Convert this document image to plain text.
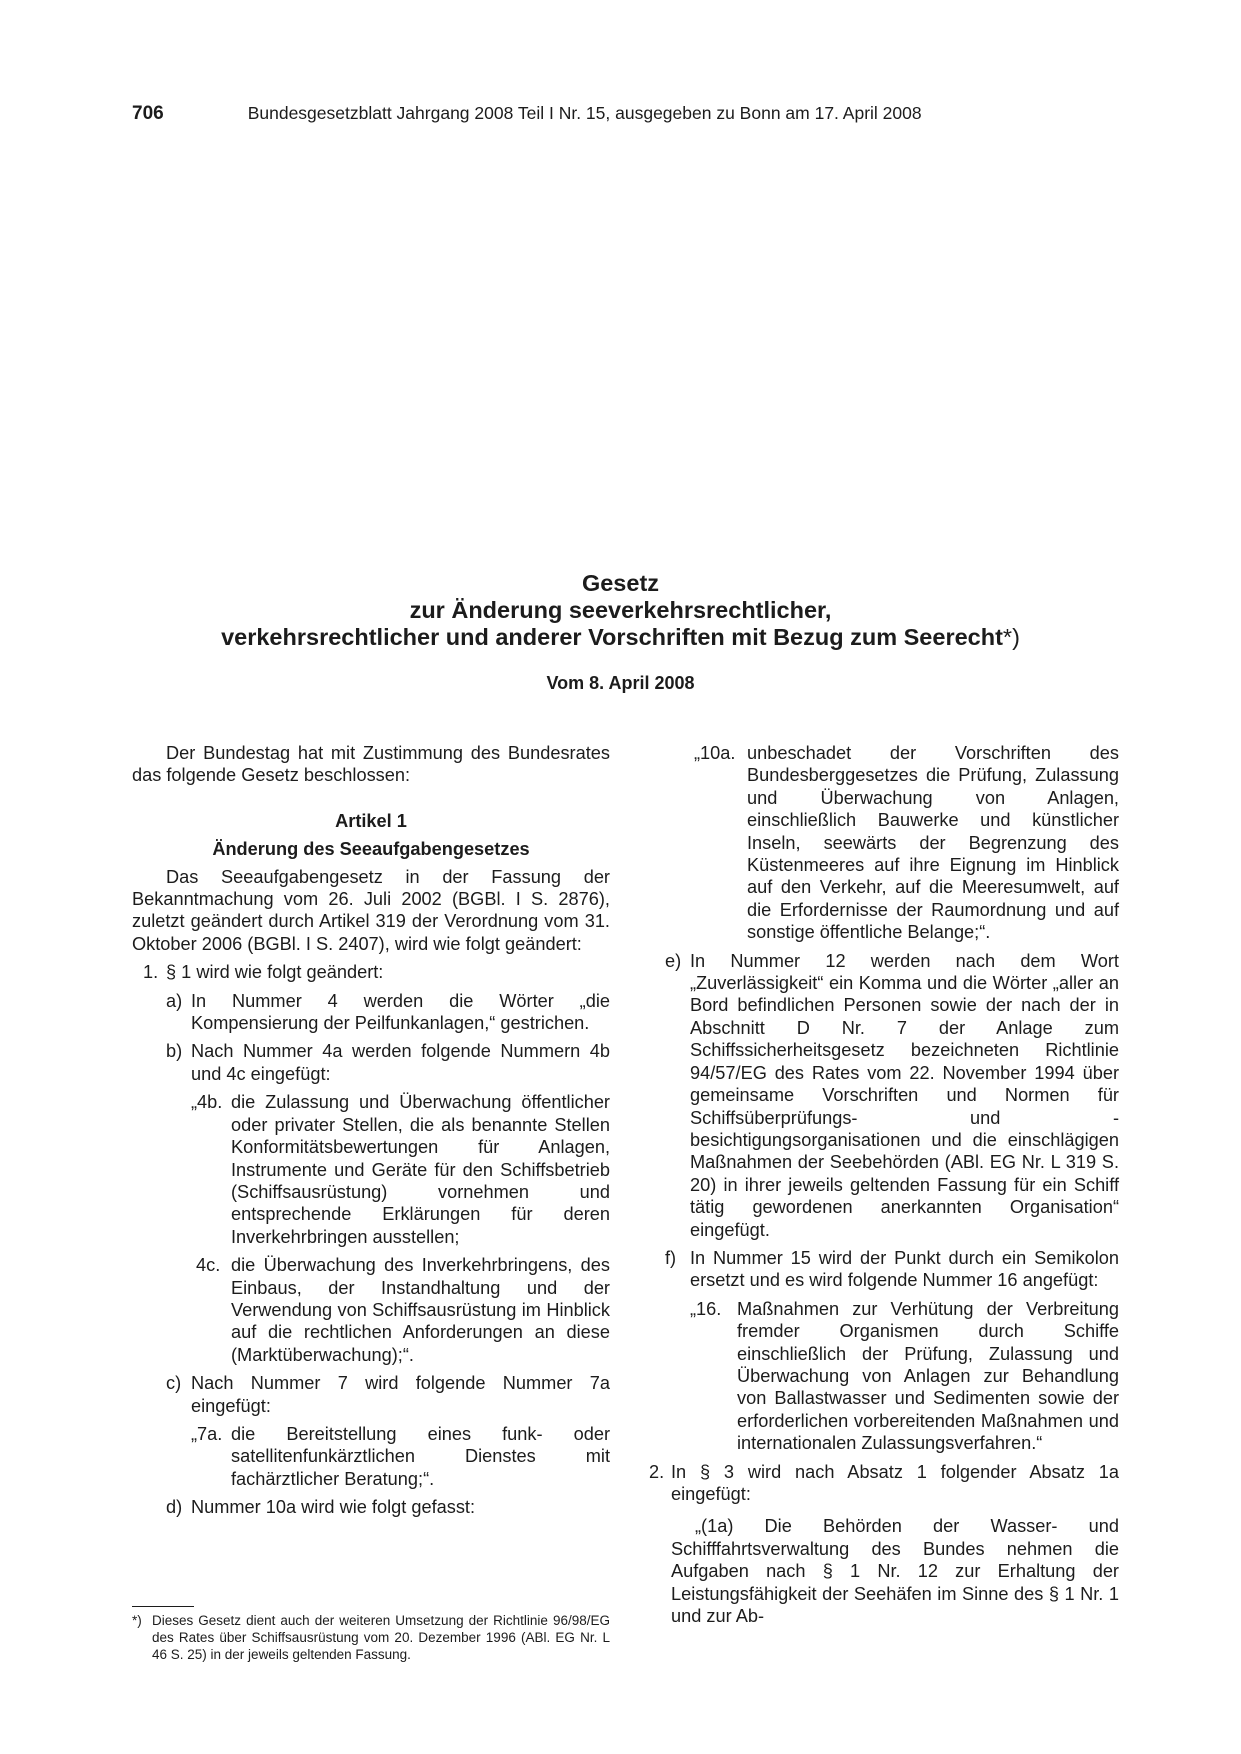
706	Bundesgesetzblatt Jahrgang 2008 Teil I Nr. 15, ausgegeben zu Bonn am 17. April 2008
Gesetz
zur Änderung seeverkehrsrechtlicher,
verkehrsrechtlicher und anderer Vorschriften mit Bezug zum Seerecht*)
Vom 8. April 2008
Der Bundestag hat mit Zustimmung des Bundesrates das folgende Gesetz beschlossen:
Artikel 1
Änderung des Seeaufgabengesetzes
Das Seeaufgabengesetz in der Fassung der Bekanntmachung vom 26. Juli 2002 (BGBl. I S. 2876), zuletzt geändert durch Artikel 319 der Verordnung vom 31. Oktober 2006 (BGBl. I S. 2407), wird wie folgt geändert:
1. § 1 wird wie folgt geändert:
a) In Nummer 4 werden die Wörter „die Kompensierung der Peilfunkanlagen,“ gestrichen.
b) Nach Nummer 4a werden folgende Nummern 4b und 4c eingefügt:
„4b. die Zulassung und Überwachung öffentlicher oder privater Stellen, die als benannte Stellen Konformitätsbewertungen für Anlagen, Instrumente und Geräte für den Schiffsbetrieb (Schiffsausrüstung) vornehmen und entsprechende Erklärungen für deren Inverkehrbringen ausstellen;
4c. die Überwachung des Inverkehrbringens, des Einbaus, der Instandhaltung und der Verwendung von Schiffsausrüstung im Hinblick auf die rechtlichen Anforderungen an diese (Marktüberwachung);“.
c) Nach Nummer 7 wird folgende Nummer 7a eingefügt:
„7a. die Bereitstellung eines funk- oder satellitenfunkärztlichen Dienstes mit fachärztlicher Beratung;“.
d) Nummer 10a wird wie folgt gefasst:
„10a. unbeschadet der Vorschriften des Bundesberggesetzes die Prüfung, Zulassung und Überwachung von Anlagen, einschließlich Bauwerke und künstlicher Inseln, seewärts der Begrenzung des Küstenmeeres auf ihre Eignung im Hinblick auf den Verkehr, auf die Meeresumwelt, auf die Erfordernisse der Raumordnung und auf sonstige öffentliche Belange;“.
e) In Nummer 12 werden nach dem Wort „Zuverlässigkeit“ ein Komma und die Wörter „aller an Bord befindlichen Personen sowie der nach der in Abschnitt D Nr. 7 der Anlage zum Schiffssicherheitsgesetz bezeichneten Richtlinie 94/57/EG des Rates vom 22. November 1994 über gemeinsame Vorschriften und Normen für Schiffsüberprüfungs- und -besichtigungsorganisationen und die einschlägigen Maßnahmen der Seebehörden (ABl. EG Nr. L 319 S. 20) in ihrer jeweils geltenden Fassung für ein Schiff tätig gewordenen anerkannten Organisation“ eingefügt.
f) In Nummer 15 wird der Punkt durch ein Semikolon ersetzt und es wird folgende Nummer 16 angefügt:
„16. Maßnahmen zur Verhütung der Verbreitung fremder Organismen durch Schiffe einschließlich der Prüfung, Zulassung und Überwachung von Anlagen zur Behandlung von Ballastwasser und Sedimenten sowie der erforderlichen vorbereitenden Maßnahmen und internationalen Zulassungsverfahren.“
2. In § 3 wird nach Absatz 1 folgender Absatz 1a eingefügt:
„(1a) Die Behörden der Wasser- und Schifffahrtsverwaltung des Bundes nehmen die Aufgaben nach § 1 Nr. 12 zur Erhaltung der Leistungsfähigkeit der Seehäfen im Sinne des § 1 Nr. 1 und zur Ab-
*) Dieses Gesetz dient auch der weiteren Umsetzung der Richtlinie 96/98/EG des Rates über Schiffsausrüstung vom 20. Dezember 1996 (ABl. EG Nr. L 46 S. 25) in der jeweils geltenden Fassung.
